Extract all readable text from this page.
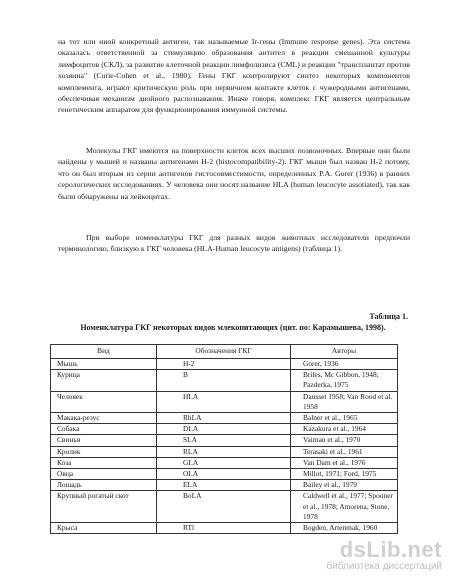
на тот или иной конкретный антиген, так называемые Ir-гены (Immune response genes). Эта система оказалась ответственной за стимуляцию образования антител в реакции смешанной культуры лимфоцитов (СКЛ), за развитие клеточной реакции лимфолизиса (CML) и реакции "трансплантат против хозяина" (Curie-Cohen et al., 1980). Гены ГКГ контролируют синтез некоторых компонентов комплемента, играют критическую роль при первичном контакте клеток с чужеродными антигенами, обеспечивая механизм двойного распознавания. Иначе говоря, комплекс ГКГ является центральным генетическим аппаратом для функционирования иммунной системы.

Молекулы ГКГ имеются на поверхности клеток всех высших позвоночных. Впервые они были найдены у мышей и названы антигенами Н-2 (histocompatibility-2). ГКГ мыши был назван Н-2 потому, что он был вторым из серии антигенов гистосовместимости, определенных P.A. Gorer (1936) в ранних серологических исследованиях. У человека они носят название HLA (human leucocyte assotiated), так как были обнаружены на лейкоцитах.

При выборе номенклатуры ГКГ для разных видов животных исследователи предпочли терминологию, близкую к ГКГ человека (HLA-Human leucocyte antigens) (таблица 1).

Таблица 1.

Номенклатура ГКГ некоторых видов млекопитающих (цит. по: Карамышева, 1998).

Вид	Обозначения ГКГ	Авторы
Мышь	H-2	Gorer, 1936
Курица	B	Briles, Mc Gibbon, 1948; Pazderka, 1975
Человек	HLA	Dausset 1958; Van Rood et al. 1958
Макака-резус	RhLA	Balner et al., 1965
Собака	DLA	Kazakura et al., 1964
Свинья	SLA	Vaiman et al., 1970
Кролик	RLA	Terasaki et al., 1961
Коза	GLA	Van Dam et al., 1976
Овца	OLA	Millot, 1971; Ford, 1975
Лошадь	ELA	Bailey et al., 1979
Крупный рогатый скот	BoLA	Caldwell et al., 1977; Spooner et al., 1978; Amorena, Stone, 1978
Крыса	RTl	Bogden, Artenmak, 1960
dsLib.net
библиотека диссертаций
